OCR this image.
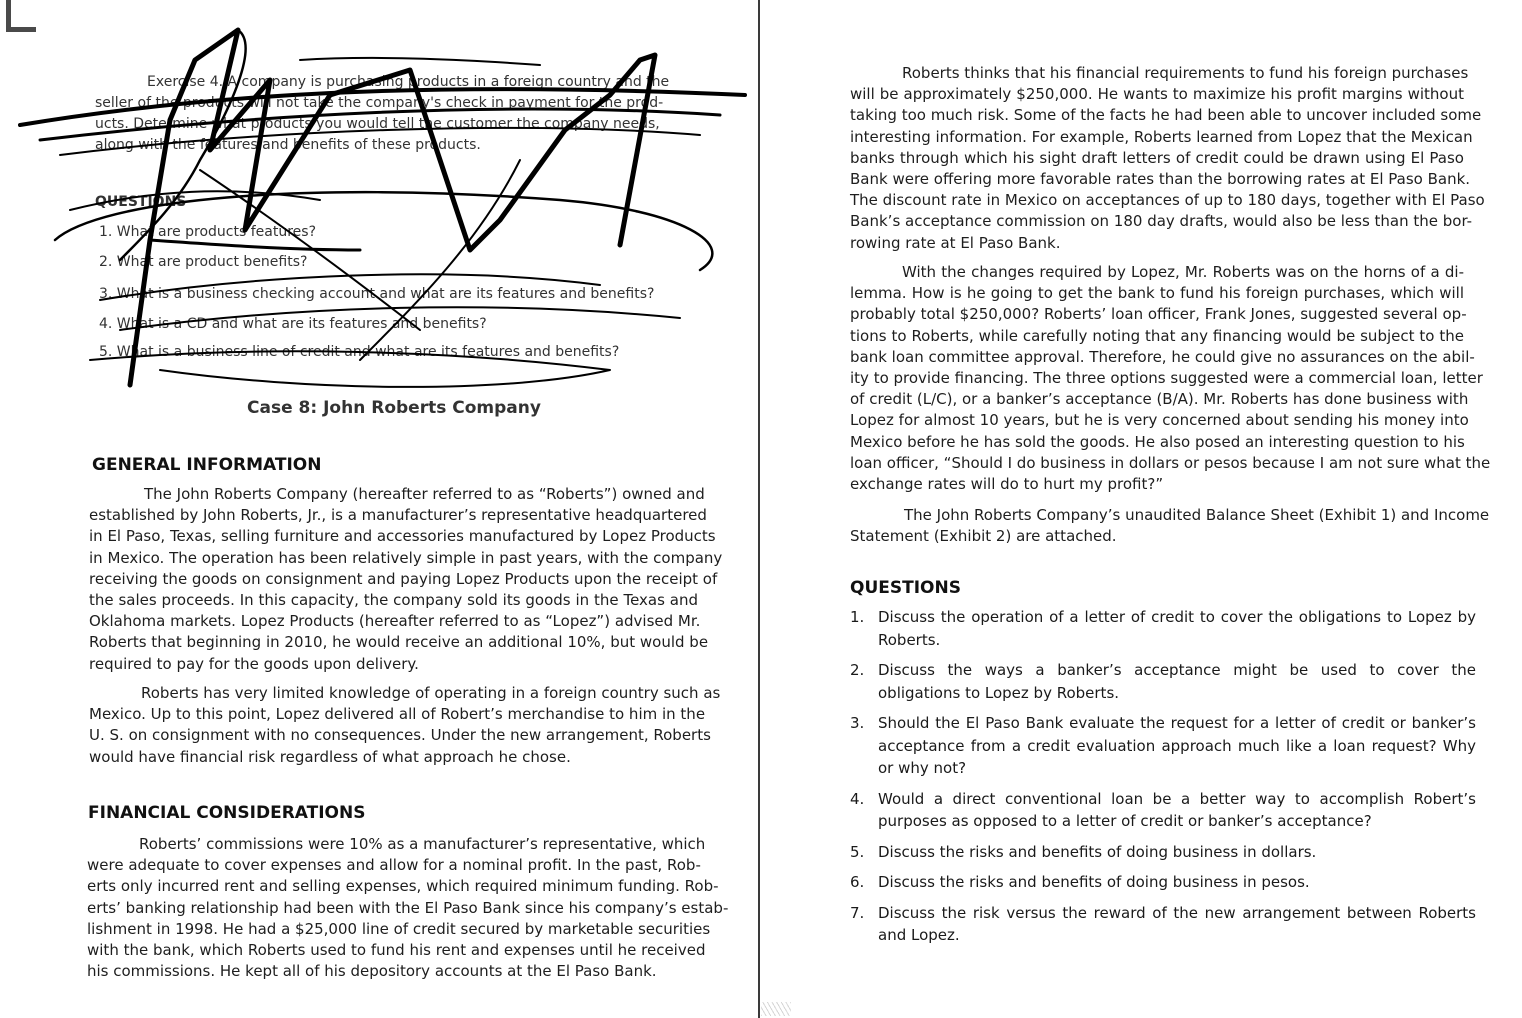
Exercise 4. A company is purchasing products in a foreign country and the
seller of the products will not take the company's check in payment for the prod-
ucts. Determine what products you would tell the customer the company needs,
along with the features and benefits of these products.
QUESTIONS
1. What are products features?
2. What are product benefits?
3. What is a business checking account and what are its features and benefits?
4. What is a CD and what are its features and benefits?
5. What is a business line of credit and what are its features and benefits?
Case 8: John Roberts Company
GENERAL INFORMATION
The John Roberts Company (hereafter referred to as “Roberts”) owned and
established by John Roberts, Jr., is a manufacturer’s representative headquartered
in El Paso, Texas, selling furniture and accessories manufactured by Lopez Products
in Mexico. The operation has been relatively simple in past years, with the company
receiving the goods on consignment and paying Lopez Products upon the receipt of
the sales proceeds. In this capacity, the company sold its goods in the Texas and
Oklahoma markets. Lopez Products (hereafter referred to as “Lopez”) advised Mr.
Roberts that beginning in 2010, he would receive an additional 10%, but would be
required to pay for the goods upon delivery.
Roberts has very limited knowledge of operating in a foreign country such as
Mexico. Up to this point, Lopez delivered all of Robert’s merchandise to him in the
U. S. on consignment with no consequences. Under the new arrangement, Roberts
would have financial risk regardless of what approach he chose.
FINANCIAL CONSIDERATIONS
Roberts’ commissions were 10% as a manufacturer’s representative, which
were adequate to cover expenses and allow for a nominal profit. In the past, Rob-
erts only incurred rent and selling expenses, which required minimum funding. Rob-
erts’ banking relationship had been with the El Paso Bank since his company’s estab-
lishment in 1998. He had a $25,000 line of credit secured by marketable securities
with the bank, which Roberts used to fund his rent and expenses until he received
his commissions. He kept all of his depository accounts at the El Paso Bank.
Roberts thinks that his financial requirements to fund his foreign purchases
will be approximately $250,000. He wants to maximize his profit margins without
taking too much risk. Some of the facts he had been able to uncover included some
interesting information. For example, Roberts learned from Lopez that the Mexican
banks through which his sight draft letters of credit could be drawn using El Paso
Bank were offering more favorable rates than the borrowing rates at El Paso Bank.
The discount rate in Mexico on acceptances of up to 180 days, together with El Paso
Bank’s acceptance commission on 180 day drafts, would also be less than the bor-
rowing rate at El Paso Bank.
With the changes required by Lopez, Mr. Roberts was on the horns of a di-
lemma. How is he going to get the bank to fund his foreign purchases, which will
probably total $250,000? Roberts’ loan officer, Frank Jones, suggested several op-
tions to Roberts, while carefully noting that any financing would be subject to the
bank loan committee approval. Therefore, he could give no assurances on the abil-
ity to provide financing. The three options suggested were a commercial loan, letter
of credit (L/C), or a banker’s acceptance (B/A). Mr. Roberts has done business with
Lopez for almost 10 years, but he is very concerned about sending his money into
Mexico before he has sold the goods. He also posed an interesting question to his
loan officer, “Should I do business in dollars or pesos because I am not sure what the
exchange rates will do to hurt my profit?”
The John Roberts Company’s unaudited Balance Sheet (Exhibit 1) and Income
Statement (Exhibit 2) are attached.
QUESTIONS
1. Discuss the operation of a letter of credit to cover the obligations to Lopez by Roberts.
2. Discuss the ways a banker’s acceptance might be used to cover the obligations to Lopez by Roberts.
3. Should the El Paso Bank evaluate the request for a letter of credit or banker’s acceptance from a credit evaluation approach much like a loan request? Why or why not?
4. Would a direct conventional loan be a better way to accomplish Robert’s purposes as opposed to a letter of credit or banker’s acceptance?
5. Discuss the risks and benefits of doing business in dollars.
6. Discuss the risks and benefits of doing business in pesos.
7. Discuss the risk versus the reward of the new arrangement between Roberts and Lopez.
